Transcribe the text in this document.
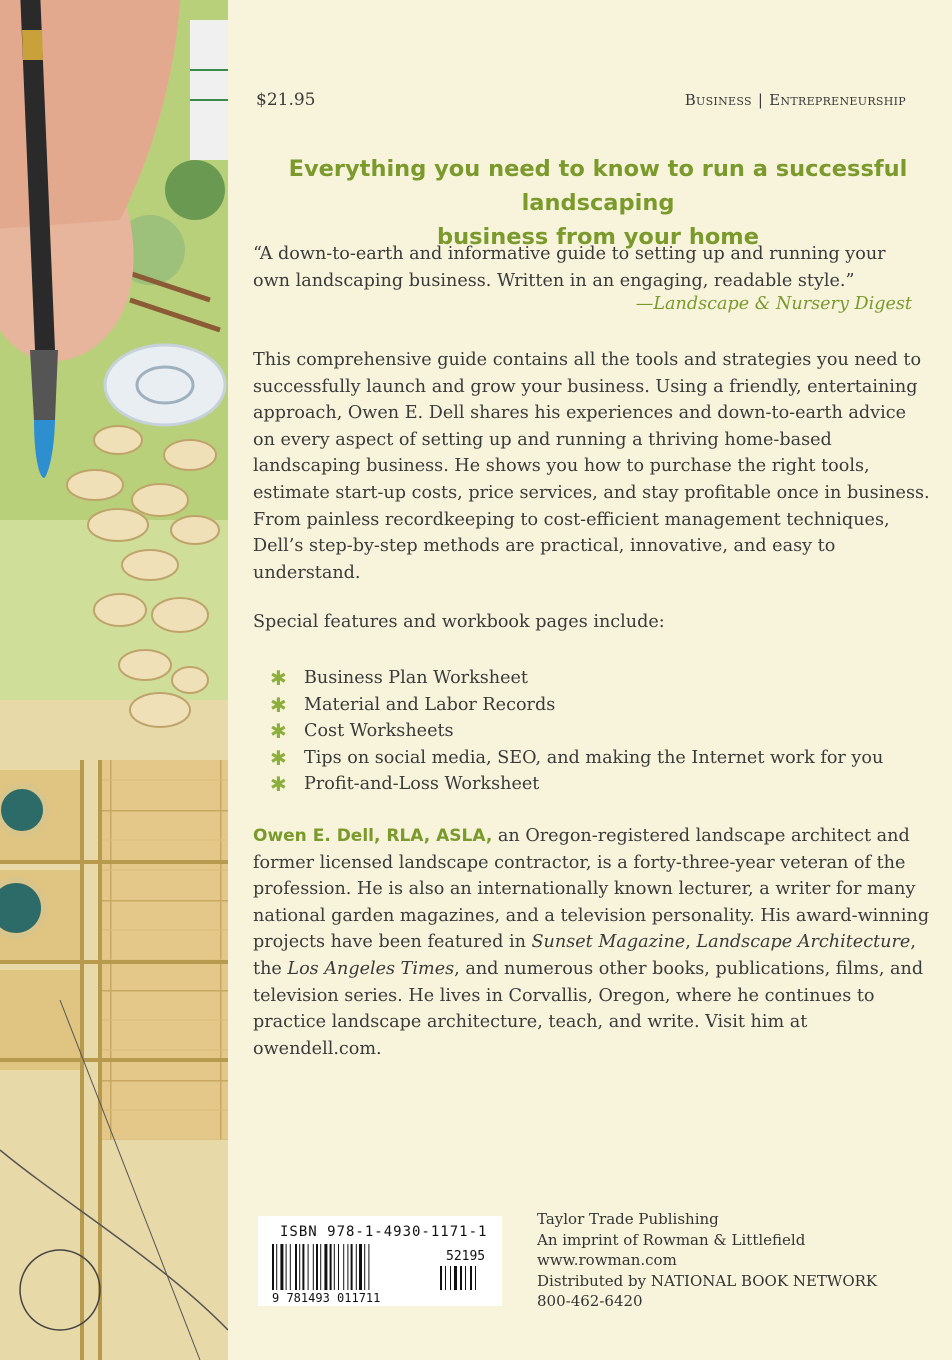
$21.95	Business | Entrepreneurship
Everything you need to know to run a successful landscaping
business from your home
“A down-to-earth and informative guide to setting up and running your own landscaping business. Written in an engaging, readable style.”
—Landscape & Nursery Digest
This comprehensive guide contains all the tools and strategies you need to successfully launch and grow your business. Using a friendly, entertaining approach, Owen E. Dell shares his experiences and down-to-earth advice on every aspect of setting up and running a thriving home-based landscaping business. He shows you how to purchase the right tools, estimate start-up costs, price services, and stay profitable once in business. From painless recordkeeping to cost-efficient management techniques, Dell’s step-by-step methods are practical, innovative, and easy to understand.
Special features and workbook pages include:
✱ Business Plan Worksheet
✱ Material and Labor Records
✱ Cost Worksheets
✱ Tips on social media, SEO, and making the Internet work for you
✱ Profit-and-Loss Worksheet
Owen E. Dell, RLA, ASLA, an Oregon-registered landscape architect and former licensed landscape contractor, is a forty-three-year veteran of the profession. He is also an internationally known lecturer, a writer for many national garden magazines, and a television personality. His award-winning projects have been featured in Sunset Magazine, Landscape Architecture, the Los Angeles Times, and numerous other books, publications, films, and television series. He lives in Corvallis, Oregon, where he continues to practice landscape architecture, teach, and write. Visit him at owendell.com.
ISBN 978-1-4930-1171-1
9 781493 011711
52195
Taylor Trade Publishing
An imprint of Rowman & Littlefield
www.rowman.com
Distributed by NATIONAL BOOK NETWORK
800-462-6420
